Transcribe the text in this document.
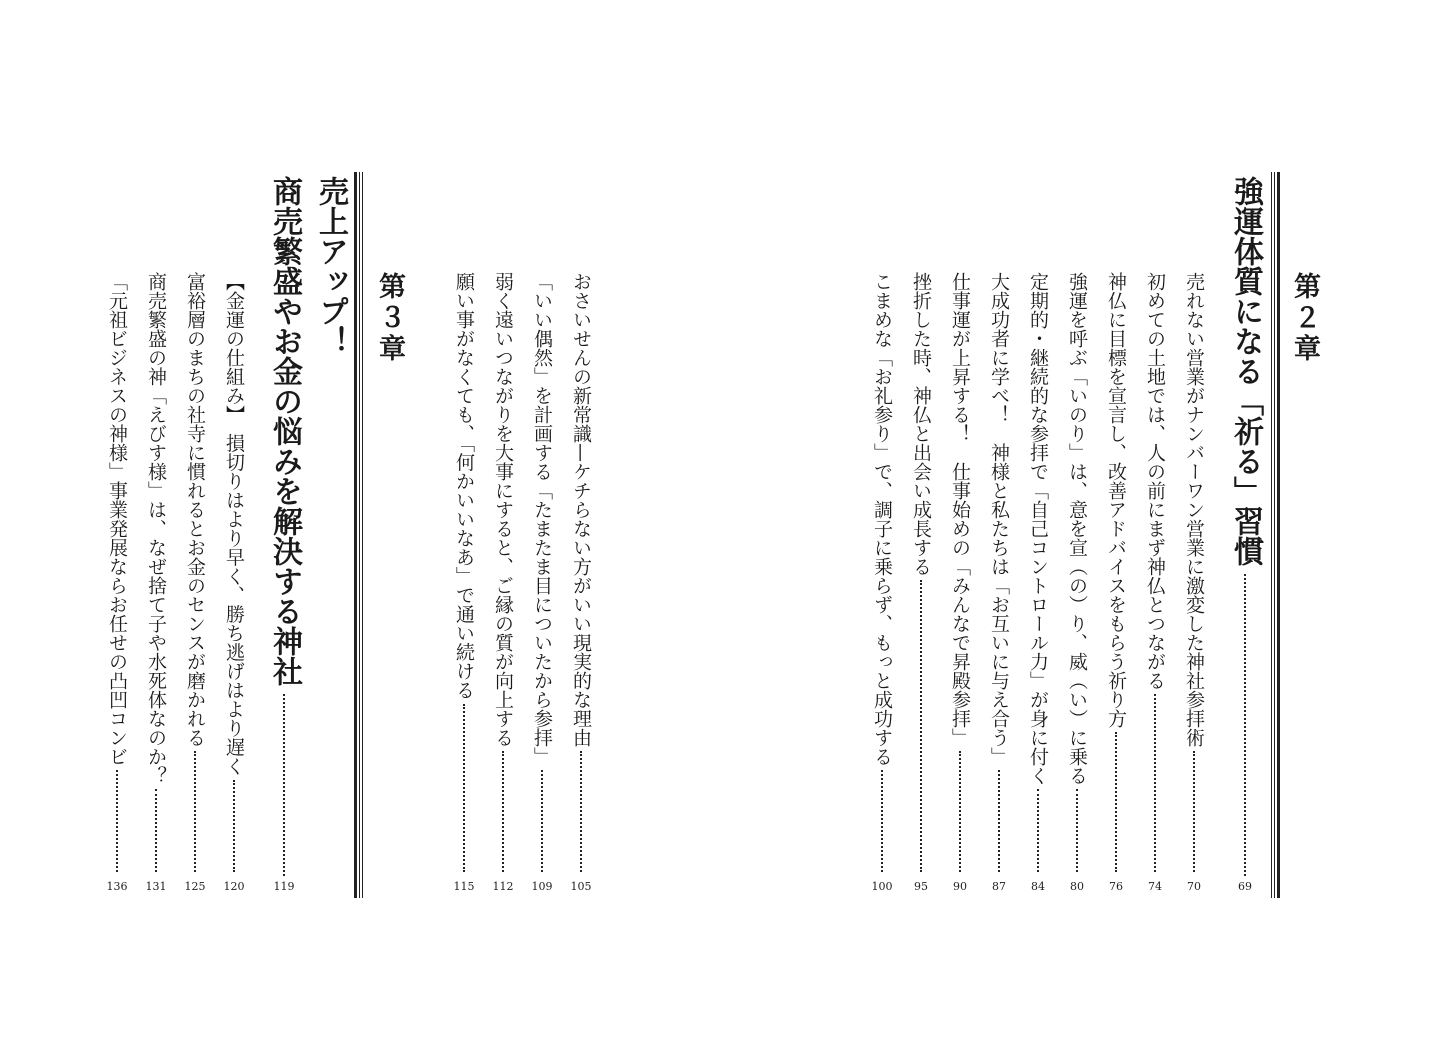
おさいせんの新常識—ケチらない方がいい現実的な理由
105
「いい偶然」を計画する「たまたま目についたから参拝」
109
弱く遠いつながりを大事にすると、ご縁の質が向上する
112
願い事がなくても、「何かいいなあ」で通い続ける
115
第３章
売上アップ！
商売繁盛やお金の悩みを解決する神社
119
【金運の仕組み】　損切りはより早く、勝ち逃げはより遅く
120
富裕層のまちの社寺に慣れるとお金のセンスが磨かれる
125
商売繁盛の神「えびす様」は、なぜ捨て子や水死体なのか？
131
「元祖ビジネスの神様」事業発展ならお任せの凸凹コンビ
136
第２章
強運体質になる「祈る」習慣
69
売れない営業がナンバーワン営業に激変した神社参拝術
70
初めての土地では、人の前にまず神仏とつながる
74
神仏に目標を宣言し、改善アドバイスをもらう祈り方
76
強運を呼ぶ「いのり」は、意を宣（の）り、威（い）に乗る
80
定期的・継続的な参拝で「自己コントロール力」が身に付く
84
大成功者に学べ！　神様と私たちは「お互いに与え合う」
87
仕事運が上昇する！　仕事始めの「みんなで昇殿参拝」
90
挫折した時、神仏と出会い成長する
95
こまめな「お礼参り」で、調子に乗らず、もっと成功する
100
